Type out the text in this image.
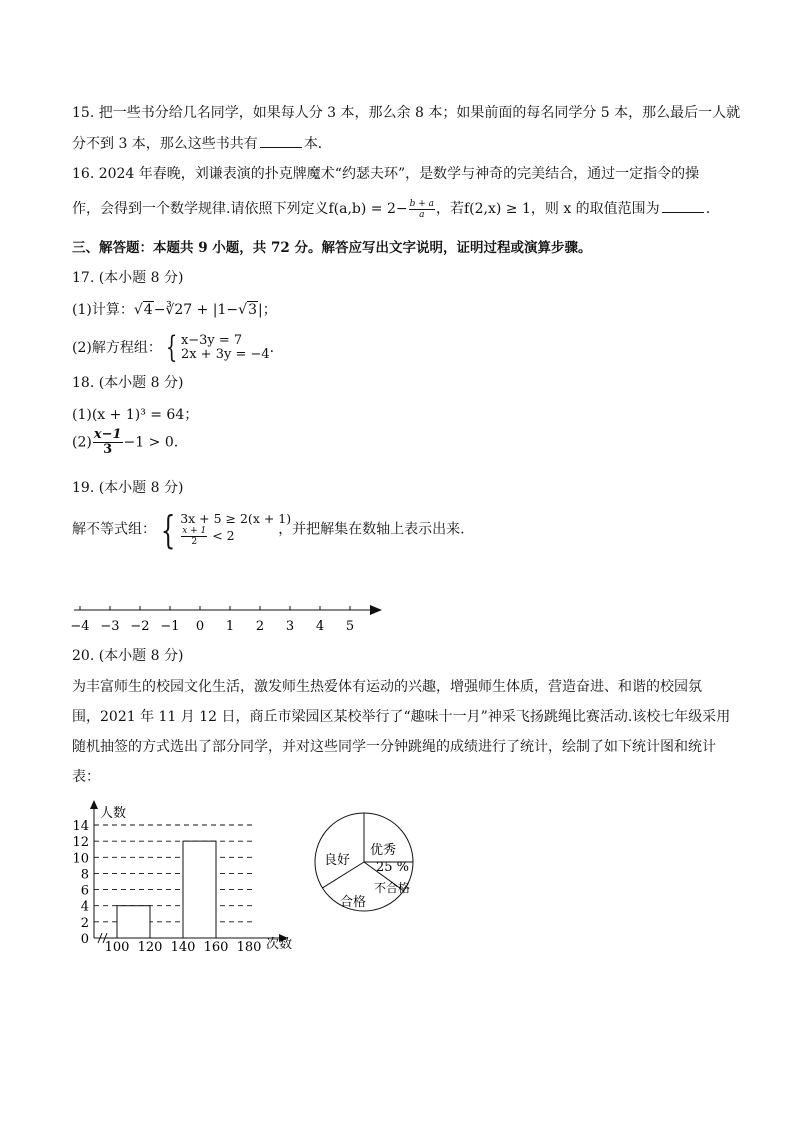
15. 把一些书分给几名同学，如果每人分 3 本，那么余 8 本；如果前面的每名同学分 5 本，那么最后一人就
分不到 3 本，那么这些书共有	本．
16. 2024 年春晚，刘谦表演的扑克牌魔术“约瑟夫环”，是数学与神奇的完美结合，通过一定指令的操
作，会得到一个数学规律.请依照下列定义$f(a,b) = 2- \frac{b + a}{a}$ ，若f(2,x) ≥ 1，则 x 的取值范围为	.
三、解答题：本题共 9 小题，共 72 分。解答应写出文字说明，证明过程或演算步骤。
17. (本小题 8 分)
(1)计算：√4−∛27 + |1−√3|；
(2)解方程组： { x−3y = 7
2x + 3y = −4 .
18. (本小题 8 分)
(1)(x + 1)³ = 64；
$(2) \frac{x-1}{3} -1 > 0$.
19. (本小题 8 分)
解不等式组： { 3x + 5 ≥ 2(x + 1)
$\frac{x + 1}{2} < 2$	，并把解集在数轴上表示出来.
−4 −3 −2 −1 0 1 2 3 4 5
20. (本小题 8 分)
为丰富师生的校园文化生活，激发师生热爱体有运动的兴趣，增强师生体质，营造奋进、和谐的校园氛
围，2021 年 11 月 12 日，商丘市梁园区某校举行了“趣味十一月”神采飞扬跳绳比赛活动.该校七年级采用
随机抽签的方式选出了部分同学，并对这些同学一分钟跳绳的成绩进行了统计，绘制了如下统计图和统计
表：
0
2
4
6
8
10
12
14
100 120 140 160 180
人数
次数
良好
优秀
25 %
不合格
合格
